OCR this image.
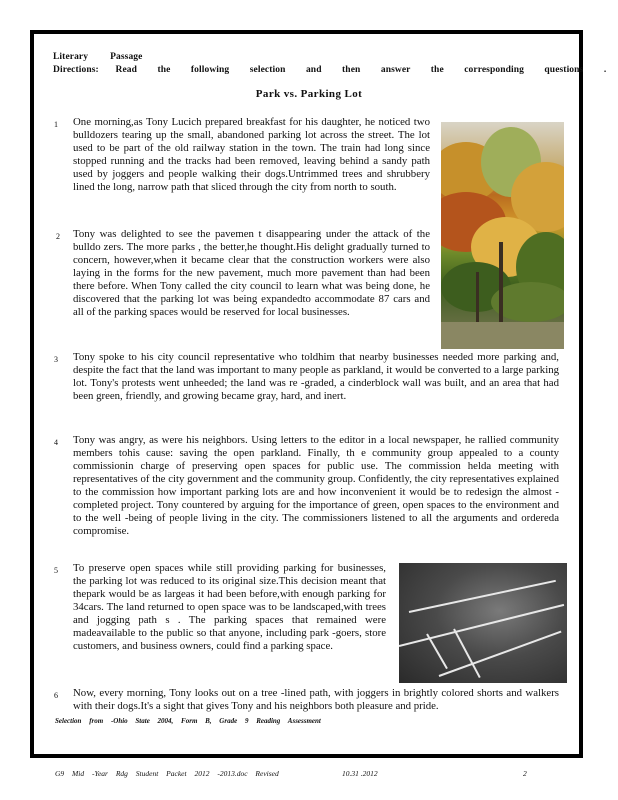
Literary Passage
Directions: Read the following selection and then answer the corresponding questions .
Park vs. Parking Lot
1 One morning,as Tony Lucich prepared breakfast for his daughter, he noticed two bulldozers tearing up the small, abandoned parking lot across the street. The lot used to be part of the old railway station in the town. The train had long since stopped running and the tracks had been removed, leaving behind a sandy path used by joggers and people walking their dogs.Untrimmed trees and shrubbery lined the long, narrow path that sliced through the city from north to south.
2 Tony was delighted to see the pavemen t disappearing under the attack of the bulldo zers. The more parks , the better,he thought.His delight gradually turned to concern, however,when it became clear that the construction workers were also laying in the forms for the new pavement, much more pavement than had been there before. When Tony called the city council to learn what was being done, he discovered that the parking lot was being expandedto accommodate 87 cars and all of the parking spaces would be reserved for local businesses.
3 Tony spoke to his city council representative who toldhim that nearby businesses needed more parking and, despite the fact that the land was important to many people as parkland, it would be converted to a large parking lot. Tony's protests went unheeded; the land was re -graded, a cinderblock wall was built, and an area that had been green, friendly, and growing became gray, hard, and inert.
4 Tony was angry, as were his neighbors. Using letters to the editor in a local newspaper, he rallied community members tohis cause: saving the open parkland. Finally, th e community group appealed to a county commissionin charge of preserving open spaces for public use. The commission helda meeting with representatives of the city government and the community group. Confidently, the city representatives explained to the commission how important parking lots are and how inconvenient it would be to redesign the almost -completed project. Tony countered by arguing for the importance of green, open spaces to the environment and to the well -being of people living in the city. The commissioners listened to all the arguments and ordereda compromise.
5 To preserve open spaces while still providing parking for businesses, the parking lot was reduced to its original size.This decision meant that thepark would be as largeas it had been before,with enough parking for 34cars. The land returned to open space was to be landscaped,with trees and jogging path s . The parking spaces that remained were madeavailable to the public so that anyone, including park -goers, store customers, and business owners, could find a parking space.
6 Now, every morning, Tony looks out on a tree -lined path, with joggers in brightly colored shorts and walkers with their dogs.It's a sight that gives Tony and his neighbors both pleasure and pride.
Selection from -Ohio State 2004, Form B, Grade 9 Reading Assessment
G9 Mid -Year Rdg Student Packet 2012 -2013.doc Revised	10.31 .2012	2
